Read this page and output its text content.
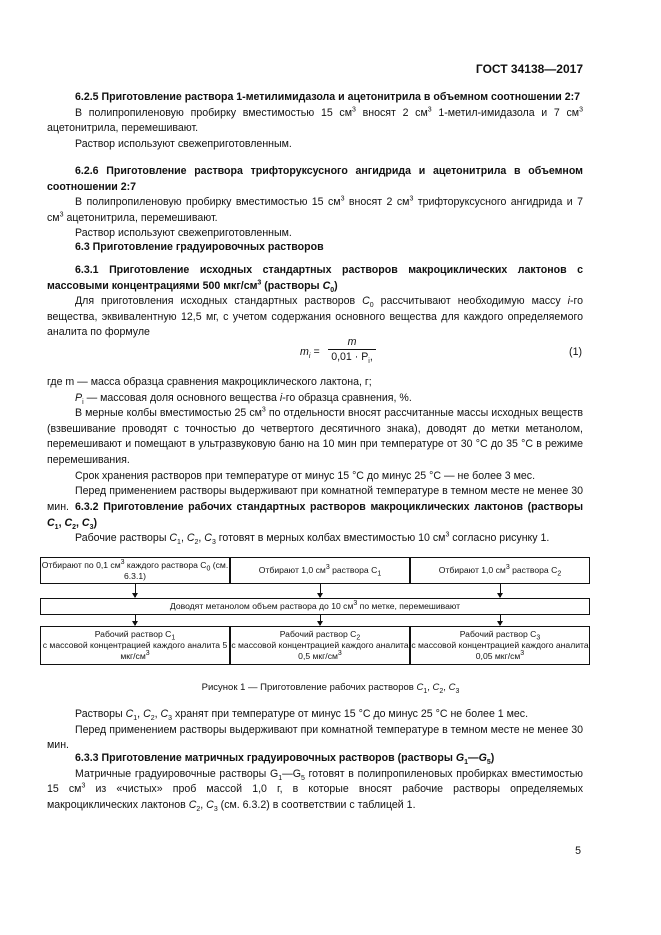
ГОСТ 34138—2017

6.2.5 Приготовление раствора 1-метилимидазола и ацетонитрила в объемном соотношении 2:7

В полипропиленовую пробирку вместимостью 15 $см^3$ вносят 2 $см^3$ 1-метил-имидазола и 7 $см^3$ ацетонитрила, перемешивают.

Раствор используют свежеприготовленным.

6.2.6 Приготовление раствора трифторуксусного ангидрида и ацетонитрила в объемном соотношении 2:7

В полипропиленовую пробирку вместимостью 15 $см^3$ вносят 2 $см^3$ трифторуксусного ангидрида и 7 $см^3$ ацетонитрила, перемешивают.

Раствор используют свежеприготовленным.

6.3 Приготовление градуировочных растворов

6.3.1 Приготовление исходных стандартных растворов макроциклических лактонов с массовыми концентрациями 500 мкг/$см^3$ (растворы $C_0$)

Для приготовления исходных стандартных растворов $C_0$ рассчитывают необходимую массу i-го вещества, эквивалентную 12,5 мг, с учетом содержания основного вещества для каждого определяемого аналита по формуле

$m_i = \frac{m}{0,01 \cdot P_i,}$	(1)

где m — масса образца сравнения макроциклического лактона, г;

$P_i$ — массовая доля основного вещества i-го образца сравнения, %.

В мерные колбы вместимостью 25 $см^3$ по отдельности вносят рассчитанные массы исходных веществ (взвешивание проводят с точностью до четвертого десятичного знака), доводят до метки метанолом, перемешивают и помещают в ультразвуковую баню на 10 мин при температуре от 30 °С до 35 °С в режиме перемешивания.

Срок хранения растворов при температуре от минус 15 °С до минус 25 °С — не более 3 мес.

Перед применением растворы выдерживают при комнатной температуре в темном месте не менее 30 мин. 6.3.2 Приготовление рабочих стандартных растворов макроциклических лактонов (растворы $C_1$, $C_2$, $C_3$)

Рабочие растворы $C_1$, $C_2$, $C_3$ готовят в мерных колбах вместимостью 10 $см^3$ согласно рисунку 1.

Отбирают по 0,1 $см^3$ каждого раствора $C_0$ (см. 6.3.1)
Отбирают 1,0 $см^3$ раствора $C_1$	Отбирают 1,0 $см^3$ раствора $C_2$
Доводят метанолом объем раствора до 10 $см^3$ по метке, перемешивают
Рабочий раствор $C_1$
с массовой концентрацией каждого аналита 5 мкг/$см^3$
Рабочий раствор $C_2$
с массовой концентрацией каждого аналита 0,5 мкг/$см^3$
Рабочий раствор $C_3$
с массовой концентрацией каждого аналита 0,05 мкг/$см^3$
Рисунок 1 — Приготовление рабочих растворов $C_1$, $C_2$, $C_3$

Растворы $C_1$, $C_2$, $C_3$ хранят при температуре от минус 15 °С до минус 25 °С не более 1 мес.

Перед применением растворы выдерживают при комнатной температуре в темном месте не менее 30 мин.

6.3.3 Приготовление матричных градуировочных растворов (растворы $G_1—G_5$)

Матричные градуировочные растворы $G_1—G_5$ готовят в полипропиленовых пробирках вместимостью 15 $см^3$ из «чистых» проб массой 1,0 г, в которые вносят рабочие растворы определяемых макроциклических лактонов $C_2$, $C_3$ (см. 6.3.2) в соответствии с таблицей 1.

5
